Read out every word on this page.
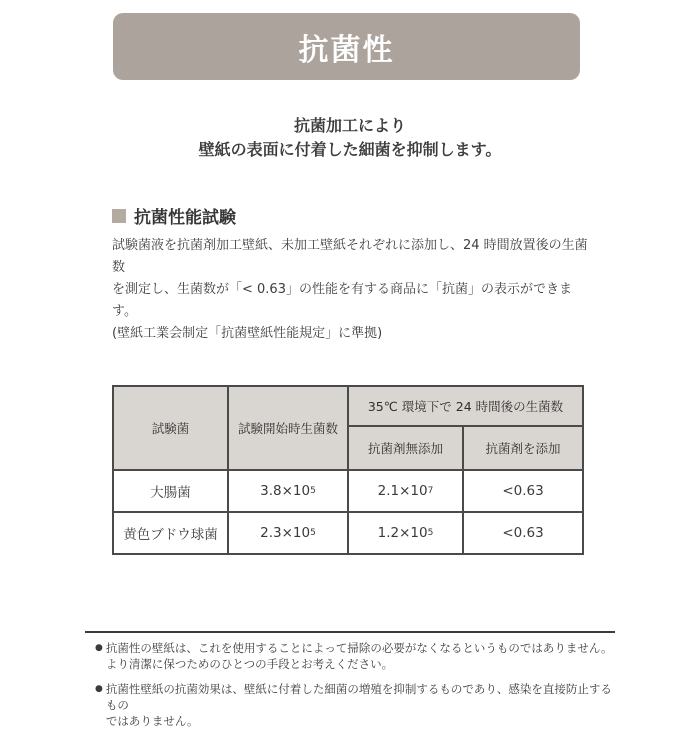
抗菌性
抗菌加工により
壁紙の表面に付着した細菌を抑制します。
抗菌性能試験
試験菌液を抗菌剤加工壁紙、未加工壁紙それぞれに添加し、24 時間放置後の生菌数
を測定し、生菌数が「< 0.63」の性能を有する商品に「抗菌」の表示ができます。
(壁紙工業会制定「抗菌壁紙性能規定」に準拠)
試験菌	試験開始時生菌数	35℃ 環境下で 24 時間後の生菌数	
		抗菌剤無添加	抗菌剤を添加
大腸菌	3.8×105	2.1×107	<0.63
黄色ブドウ球菌	2.3×105	1.2×105	<0.63
● 抗菌性の壁紙は、これを使用することによって掃除の必要がなくなるというものではありません。
より清潔に保つためのひとつの手段とお考えください。
● 抗菌性壁紙の抗菌効果は、壁紙に付着した細菌の増殖を抑制するものであり、感染を直接防止するもの
ではありません。
